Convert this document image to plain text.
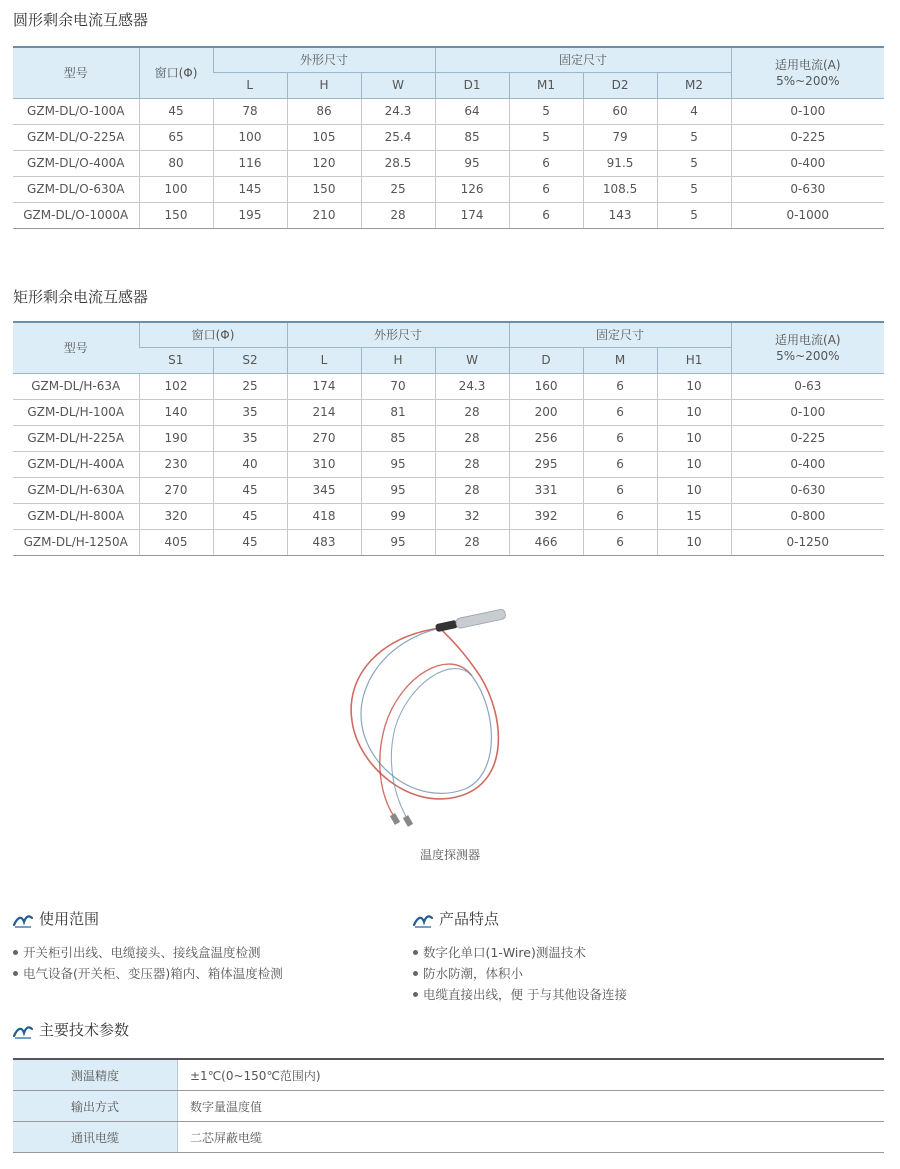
圆形剩余电流互感器
型号	窗口(Φ)	外形尺寸			固定尺寸				适用电流(A)
5%~200%

		L	H	W	D1	M1	D2	M2	
GZM-DL/O-100A	45	78	86	24.3	64	5	60	4	0-100
GZM-DL/O-225A	65	100	105	25.4	85	5	79	5	0-225
GZM-DL/O-400A	80	116	120	28.5	95	6	91.5	5	0-400
GZM-DL/O-630A	100	145	150	25	126	6	108.5	5	0-630
GZM-DL/O-1000A	150	195	210	28	174	6	143	5	0-1000
矩形剩余电流互感器
型号	窗口(Φ)		外形尺寸			固定尺寸			适用电流(A)
5%~200%

	S1	S2	L	H	W	D	M	H1	
GZM-DL/H-63A	102	25	174	70	24.3	160	6	10	0-63
GZM-DL/H-100A	140	35	214	81	28	200	6	10	0-100
GZM-DL/H-225A	190	35	270	85	28	256	6	10	0-225
GZM-DL/H-400A	230	40	310	95	28	295	6	10	0-400
GZM-DL/H-630A	270	45	345	95	28	331	6	10	0-630
GZM-DL/H-800A	320	45	418	99	32	392	6	15	0-800
GZM-DL/H-1250A	405	45	483	95	28	466	6	10	0-1250
温度探测器
使用范围
开关柜引出线、电缆接头、接线盒温度检测
电气设备(开关柜、变压器)箱内、箱体温度检测
产品特点
数字化单口(1-Wire)测温技术
防水防潮，体积小
电缆直接出线，便 于与其他设备连接
主要技术参数
测温精度	±1℃(0~150℃范围内)
输出方式	数字量温度值
通讯电缆	二芯屏蔽电缆
